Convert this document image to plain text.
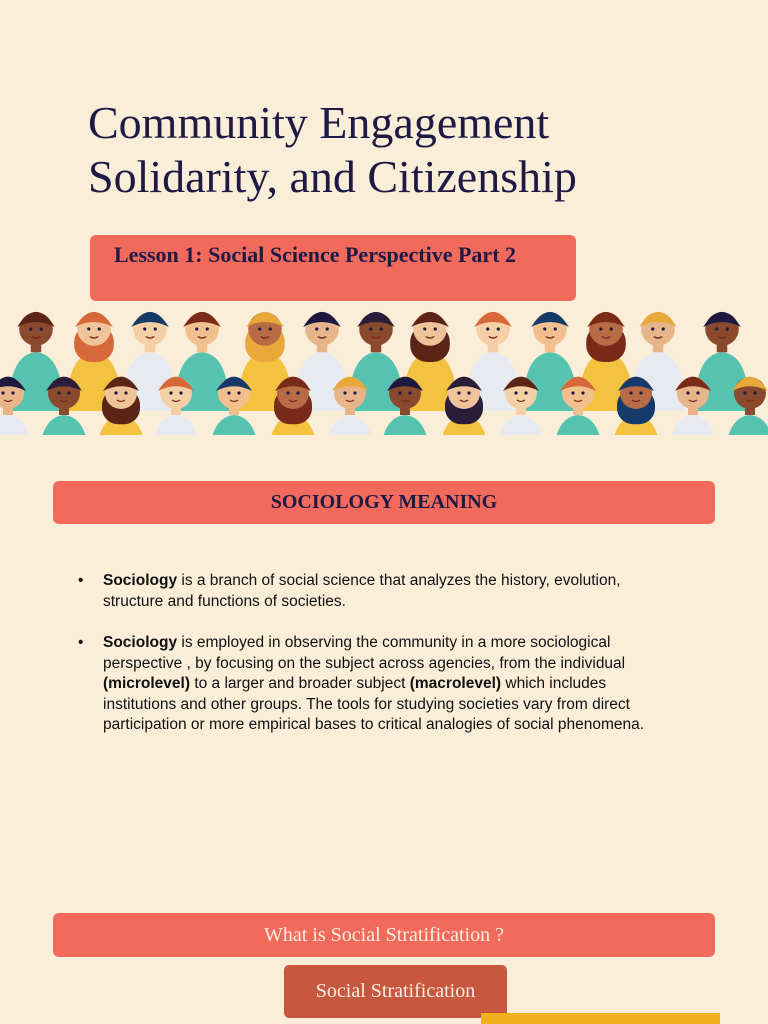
Community Engagement
Solidarity, and Citizenship
Lesson 1: Social Science Perspective Part 2
SOCIOLOGY MEANING
• Sociology is a branch of social science that analyzes the history, evolution, structure and functions of societies.
• Sociology is employed in observing the community in a more sociological perspective , by focusing on the subject across agencies, from the individual (microlevel) to a larger and broader subject (macrolevel) which includes institutions and other groups. The tools for studying societies vary from direct participation or more empirical bases to critical analogies of social phenomena.
What is Social Stratification ?
Social Stratification
